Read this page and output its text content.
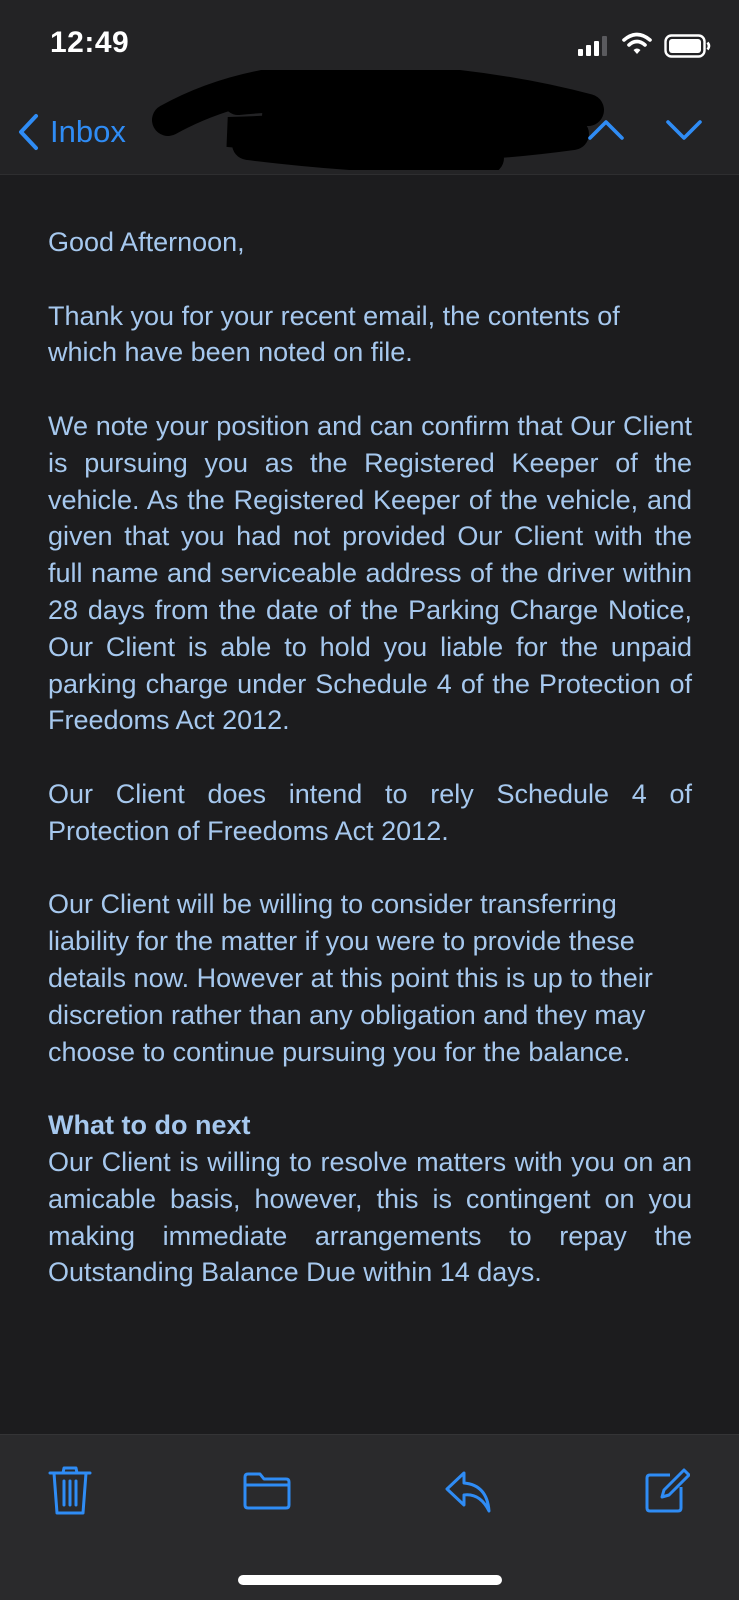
12:49
Inbox

Good Afternoon,

Thank you for your recent email, the contents of which have been noted on file.

We note your position and can confirm that Our Client is pursuing you as the Registered Keeper of the vehicle. As the Registered Keeper of the vehicle, and given that you had not provided Our Client with the full name and serviceable address of the driver within 28 days from the date of the Parking Charge Notice, Our Client is able to hold you liable for the unpaid parking charge under Schedule 4 of the Protection of Freedoms Act 2012.

Our Client does intend to rely Schedule 4 of Protection of Freedoms Act 2012.

Our Client will be willing to consider transferring liability for the matter if you were to provide these details now. However at this point this is up to their discretion rather than any obligation and they may choose to continue pursuing you for the balance.

What to do next
Our Client is willing to resolve matters with you on an amicable basis, however, this is contingent on you making immediate arrangements to repay the Outstanding Balance Due within 14 days.
